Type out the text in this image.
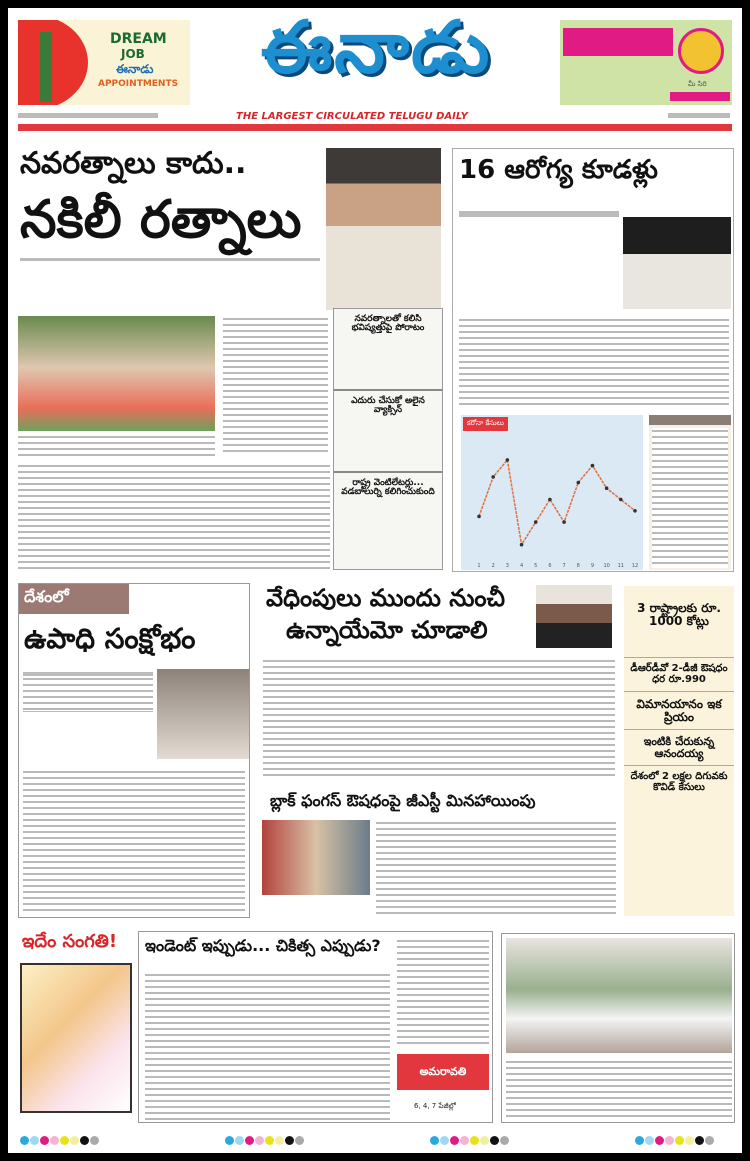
DREAM
JOB
ఈనాడు
APPOINTMENTS	ఈనాడు	మీ సిరి
THE LARGEST CIRCULATED TELUGU DAILY
నవరత్నాలు కాదు..
నకిలీ రత్నాలు
నవరత్నాలతో కలిసి భవిష్యత్తుపై పోరాటం
ఎదురు చేసుకో అలైన వ్యాక్సిన్
రాష్ట్ర వెంటిలేటర్లు... వడబాలుర్ని కలిగించుకుంది
16 ఆరోగ్య కూడళ్లు
కరోనా కేసులు
1 2 3 4 5 6 7 8 9 10 11 12
దేశంలో
ఉపాధి సంక్షోభం
వేధింపులు ముందు నుంచీ
ఉన్నాయేమో చూడాలి
బ్లాక్ ఫంగస్ ఔషధంపై జీఎస్టీ మినహాయింపు
3 రాష్ట్రాలకు రూ. 1000 కోట్లు
డీఆర్‌డీవో 2-డీజీ ఔషధం ధర రూ.990
విమానయానం ఇక ప్రియం
ఇంటికి చేరుకున్న ఆనందయ్య
దేశంలో 2 లక్షల దిగువకు కొవిడ్ కేసులు
ఇదేం సంగతి! ఇండెంట్ ఇప్పుడు... చికిత్స ఎప్పుడు?
అమరావతి
6, 4, 7 పేజీల్లో
